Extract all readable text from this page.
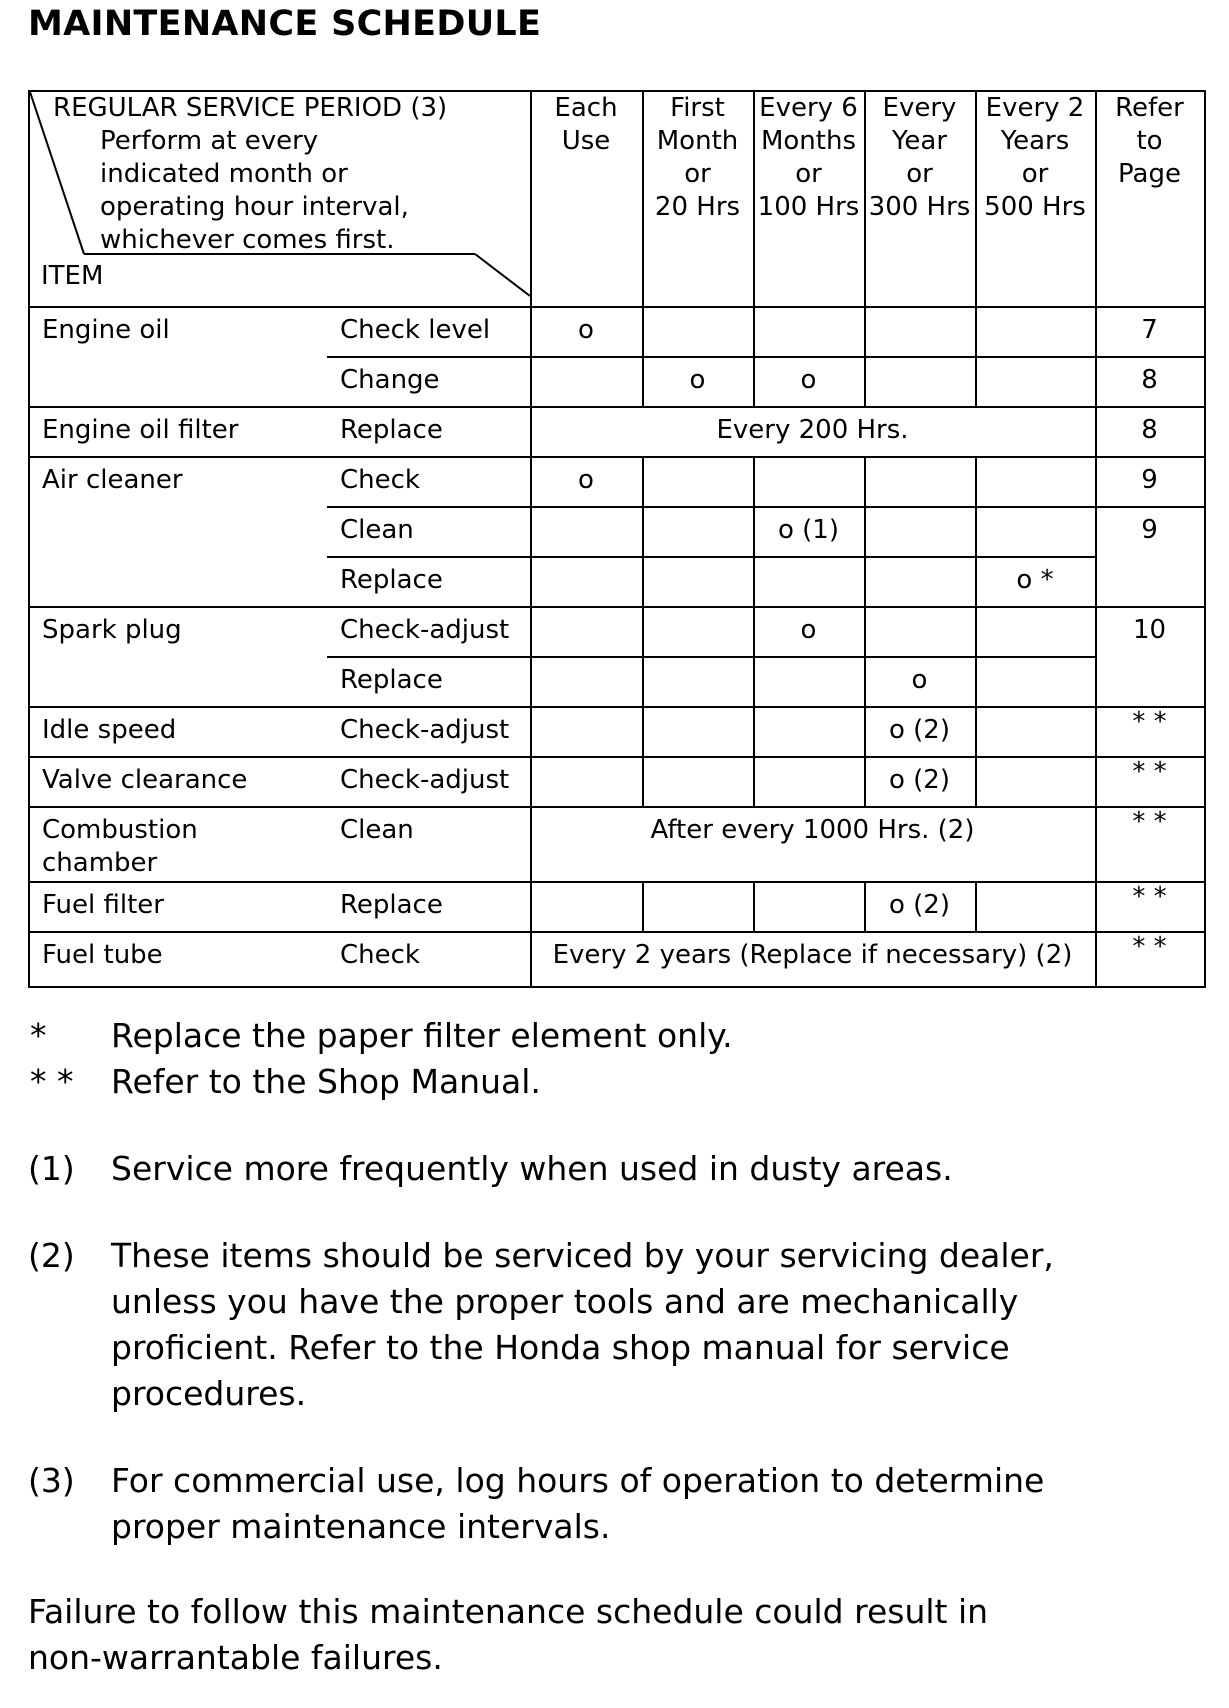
MAINTENANCE SCHEDULE
REGULAR SERVICE PERIOD (3)
Perform at every
indicated month or
operating hour interval,
whichever comes first.
ITEM
Each
Use
First
Month
or
20 Hrs
Every 6
Months
or
100 Hrs
Every
Year
or
300 Hrs
Every 2
Years
or
500 Hrs
Refer
to
Page
Engine oil
Engine oil filter
Air cleaner
Spark plug
Idle speed
Valve clearance
Combustion
chamber
Fuel filter
Fuel tube
Check level
Change
Replace
Check
Clean
Replace
Check-adjust
Replace
Check-adjust
Check-adjust
Clean
Replace
Check
o
o	o
Every 200 Hrs.
o
o (1)
o *
o
o
o (2)
o (2)
After every 1000 Hrs. (2)
o (2)
Every 2 years (Replace if necessary) (2)
7
8
8
9
9
10
* *
* *
* *
* *
* *
* Replace the paper filter element only.
* * Refer to the Shop Manual.
(1) Service more frequently when used in dusty areas.
(2) These items should be serviced by your servicing dealer,
unless you have the proper tools and are mechanically
proficient. Refer to the Honda shop manual for service
procedures.
(3) For commercial use, log hours of operation to determine
proper maintenance intervals.
Failure to follow this maintenance schedule could result in
non-warrantable failures.
